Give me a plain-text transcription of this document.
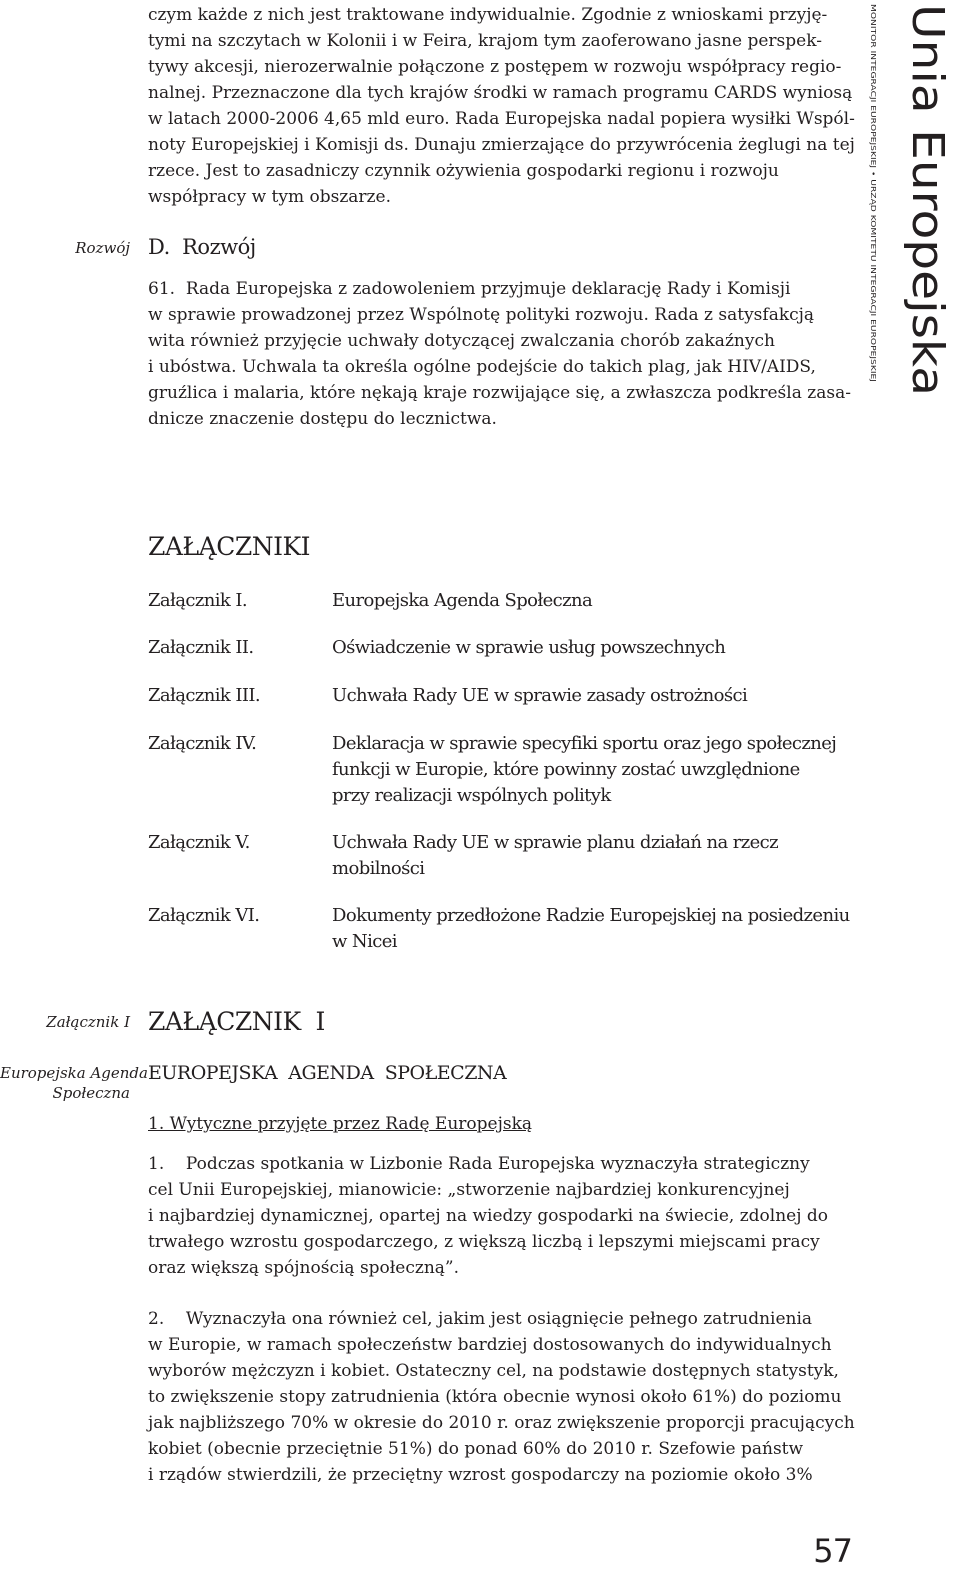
Unia Europejska
MONITOR INTEGRACJI EUROPEJSKIEJ • URZĄD KOMITETU INTEGRACJI EUROPEJSKIEJ
czym każde z nich jest traktowane indywidualnie. Zgodnie z wnioskami przyję-
tymi na szczytach w Kolonii i w Feira, krajom tym zaoferowano jasne perspek-
tywy akcesji, nierozerwalnie połączone z postępem w rozwoju współpracy regio-
nalnej. Przeznaczone dla tych krajów środki w ramach programu CARDS wyniosą
w latach 2000-2006 4,65 mld euro. Rada Europejska nadal popiera wysiłki Wspól-
noty Europejskiej i Komisji ds. Dunaju zmierzające do przywrócenia żeglugi na tej
rzece. Jest to zasadniczy czynnik ożywienia gospodarki regionu i rozwoju
współpracy w tym obszarze.
Rozwój D.  Rozwój
61.  Rada Europejska z zadowoleniem przyjmuje deklarację Rady i Komisji
w sprawie prowadzonej przez Wspólnotę polityki rozwoju. Rada z satysfakcją
wita również przyjęcie uchwały dotyczącej zwalczania chorób zakaźnych
i ubóstwa. Uchwala ta określa ogólne podejście do takich plag, jak HIV/AIDS,
gruźlica i malaria, które nękają kraje rozwijające się, a zwłaszcza podkreśla zasa-
dnicze znaczenie dostępu do lecznictwa.
ZAŁĄCZNIKI
Załącznik I.	Europejska Agenda Społeczna
Załącznik II.	Oświadczenie w sprawie usług powszechnych
Załącznik III.	Uchwała Rady UE w sprawie zasady ostrożności
Załącznik IV.	Deklaracja w sprawie specyfiki sportu oraz jego społecznej
funkcji w Europie, które powinny zostać uwzględnione
przy realizacji wspólnych polityk
Załącznik V.	Uchwała Rady UE w sprawie planu działań na rzecz
mobilności
Załącznik VI.	Dokumenty przedłożone Radzie Europejskiej na posiedzeniu
w Nicei
Załącznik I ZAŁĄCZNIK  I
Europejska Agenda
Społeczna
EUROPEJSKA  AGENDA  SPOŁECZNA
1. Wytyczne przyjęte przez Radę Europejską
1.    Podczas spotkania w Lizbonie Rada Europejska wyznaczyła strategiczny
cel Unii Europejskiej, mianowicie: „stworzenie najbardziej konkurencyjnej
i najbardziej dynamicznej, opartej na wiedzy gospodarki na świecie, zdolnej do
trwałego wzrostu gospodarczego, z większą liczbą i lepszymi miejscami pracy
oraz większą spójnością społeczną”.
2.    Wyznaczyła ona również cel, jakim jest osiągnięcie pełnego zatrudnienia
w Europie, w ramach społeczeństw bardziej dostosowanych do indywidualnych
wyborów mężczyzn i kobiet. Ostateczny cel, na podstawie dostępnych statystyk,
to zwiększenie stopy zatrudnienia (która obecnie wynosi około 61%) do poziomu
jak najbliższego 70% w okresie do 2010 r. oraz zwiększenie proporcji pracujących
kobiet (obecnie przeciętnie 51%) do ponad 60% do 2010 r. Szefowie państw
i rządów stwierdzili, że przeciętny wzrost gospodarczy na poziomie około 3%
57
